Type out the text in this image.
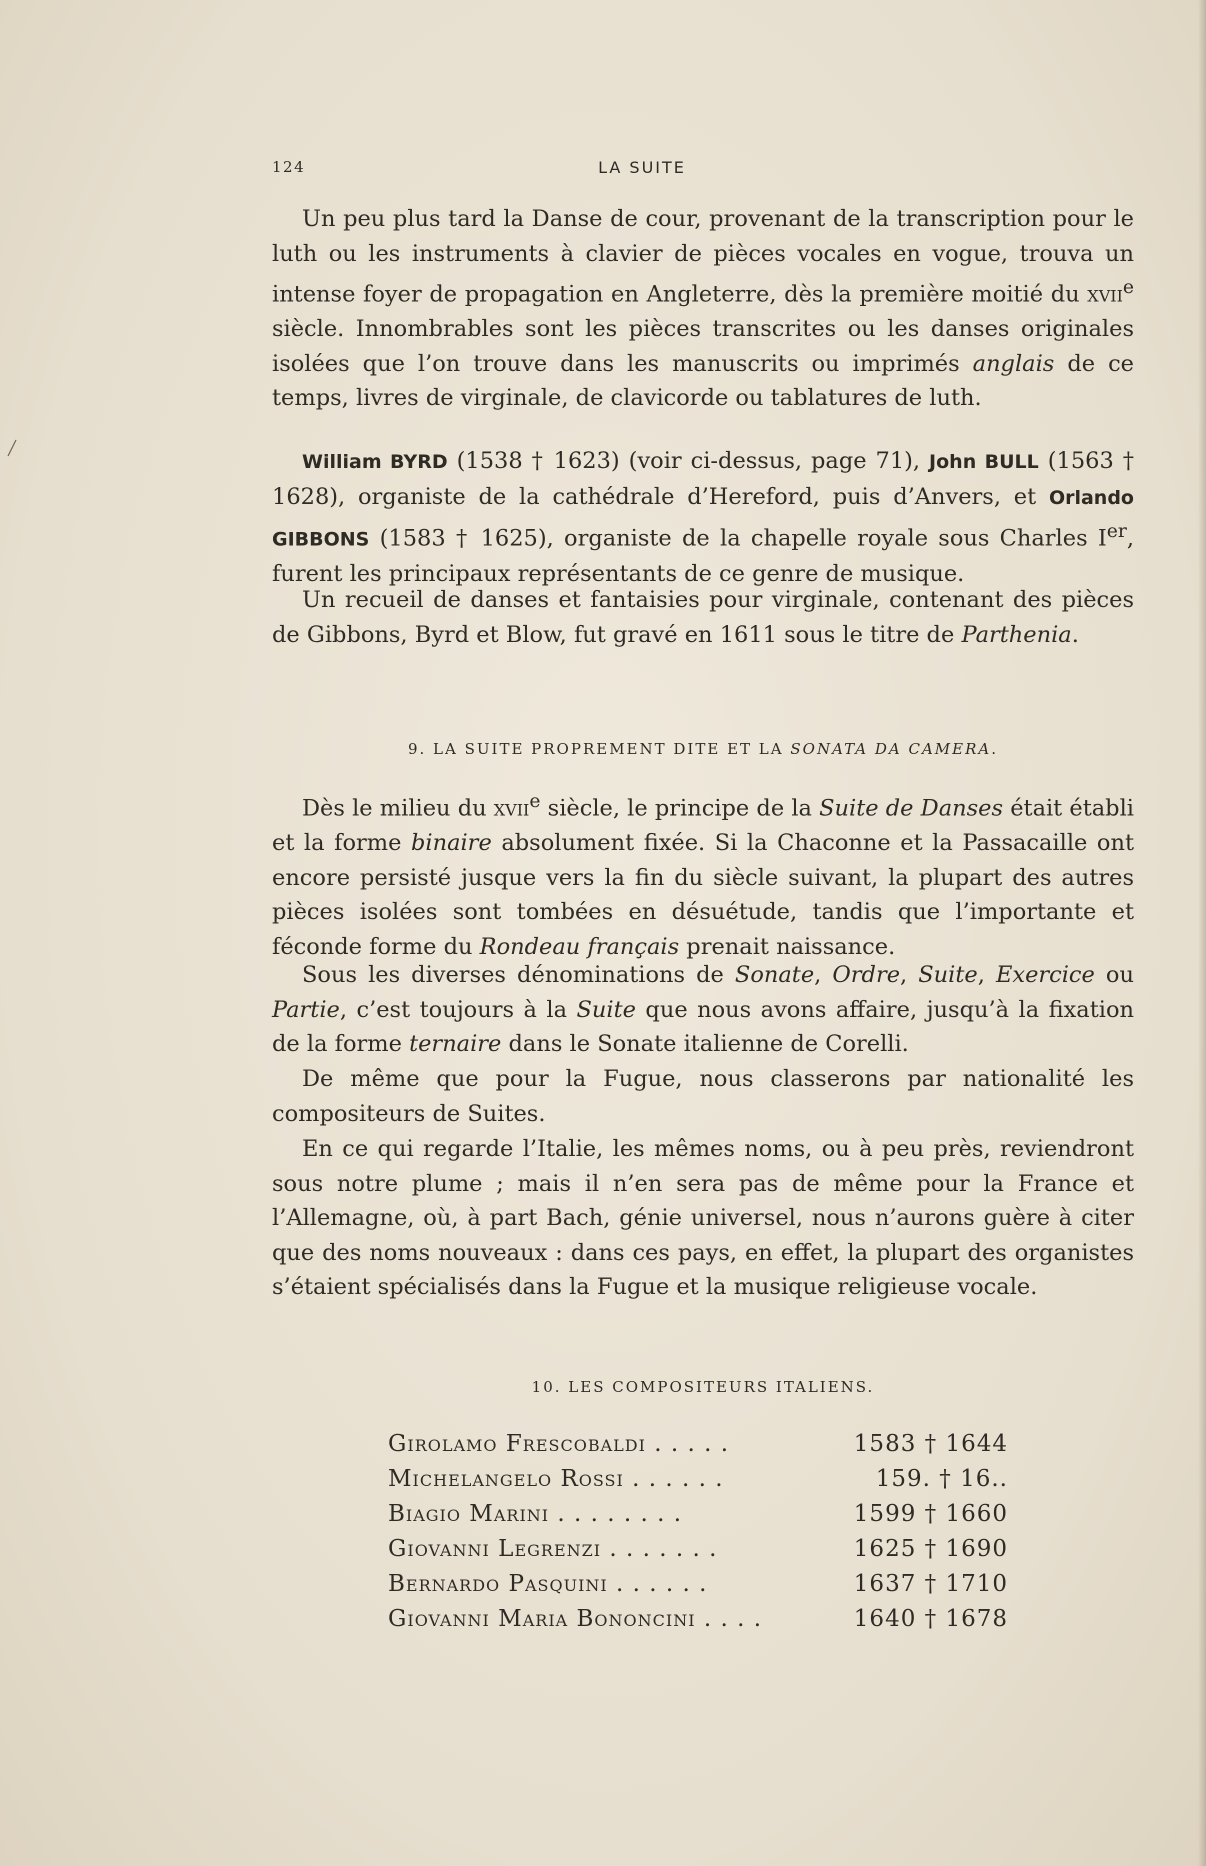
124	LA SUITE

Un peu plus tard la Danse de cour, provenant de la transcription pour le luth ou les instruments à clavier de pièces vocales en vogue, trouva un intense foyer de propagation en Angleterre, dès la première moitié du xvii$^e$ siècle. Innombrables sont les pièces transcrites ou les danses originales isolées que l’on trouve dans les manuscrits ou imprimés anglais de ce temps, livres de virginale, de clavicorde ou tablatures de luth.

William BYRD (1538 † 1623) (voir ci-dessus, page 71), John BULL (1563 † 1628), organiste de la cathédrale d’Hereford, puis d’Anvers, et Orlando GIBBONS (1583 † 1625), organiste de la chapelle royale sous Charles Ier, furent les principaux représentants de ce genre de musique.

Un recueil de danses et fantaisies pour virginale, contenant des pièces de Gibbons, Byrd et Blow, fut gravé en 1611 sous le titre de Parthenia.

9. LA SUITE PROPREMENT DITE ET LA SONATA DA CAMERA.

Dès le milieu du xvii$^e$ siècle, le principe de la Suite de Danses était établi et la forme binaire absolument fixée. Si la Chaconne et la Passacaille ont encore persisté jusque vers la fin du siècle suivant, la plupart des autres pièces isolées sont tombées en désuétude, tandis que l’importante et féconde forme du Rondeau français prenait naissance.

Sous les diverses dénominations de Sonate, Ordre, Suite, Exercice ou Partie, c’est toujours à la Suite que nous avons affaire, jusqu’à la fixation de la forme ternaire dans le Sonate italienne de Corelli.

De même que pour la Fugue, nous classerons par nationalité les compositeurs de Suites.

En ce qui regarde l’Italie, les mêmes noms, ou à peu près, reviendront sous notre plume ; mais il n’en sera pas de même pour la France et l’Allemagne, où, à part Bach, génie universel, nous n’aurons guère à citer que des noms nouveaux : dans ces pays, en effet, la plupart des organistes s’étaient spécialisés dans la Fugue et la musique religieuse vocale.

10. LES COMPOSITEURS ITALIENS.

Girolamo Frescobaldi . . . . .	1583 † 1644
Michelangelo Rossi . . . . . .	159. † 16..
Biagio Marini . . . . . . . .	1599 † 1660
Giovanni Legrenzi . . . . . . .	1625 † 1690
Bernardo Pasquini . . . . . .	1637 † 1710
Giovanni Maria Bononcini . . . .	1640 † 1678
